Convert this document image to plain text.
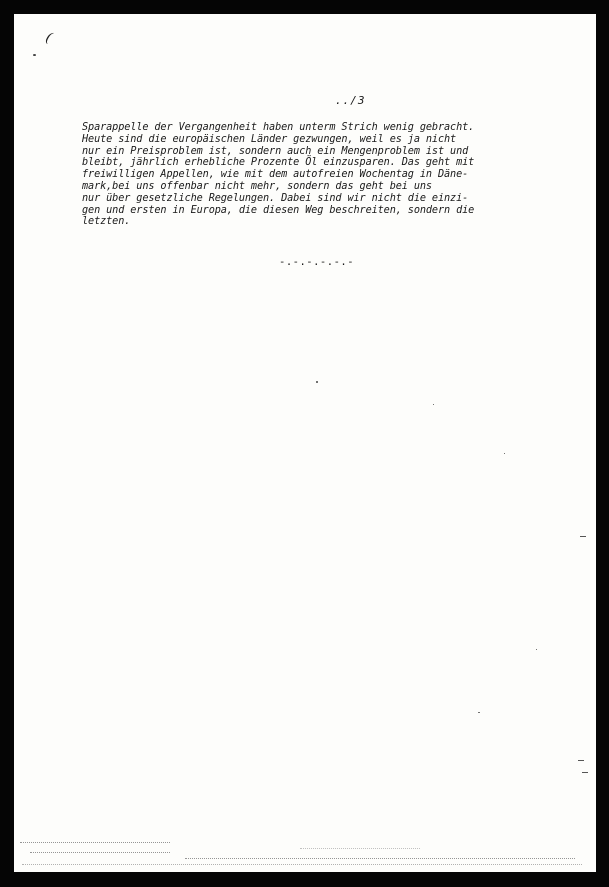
(
../3
Sparappelle der Vergangenheit haben unterm Strich wenig gebracht.
Heute sind die europäischen Länder gezwungen, weil es ja nicht
nur ein Preisproblem ist, sondern auch ein Mengenproblem ist und
bleibt, jährlich erhebliche Prozente Öl einzusparen. Das geht mit
freiwilligen Appellen, wie mit dem autofreien Wochentag in Däne-
mark,bei uns offenbar nicht mehr, sondern das geht bei uns
nur über gesetzliche Regelungen. Dabei sind wir nicht die einzi-
gen und ersten in Europa, die diesen Weg beschreiten, sondern die
letzten.
-.-.-.-.-.-
